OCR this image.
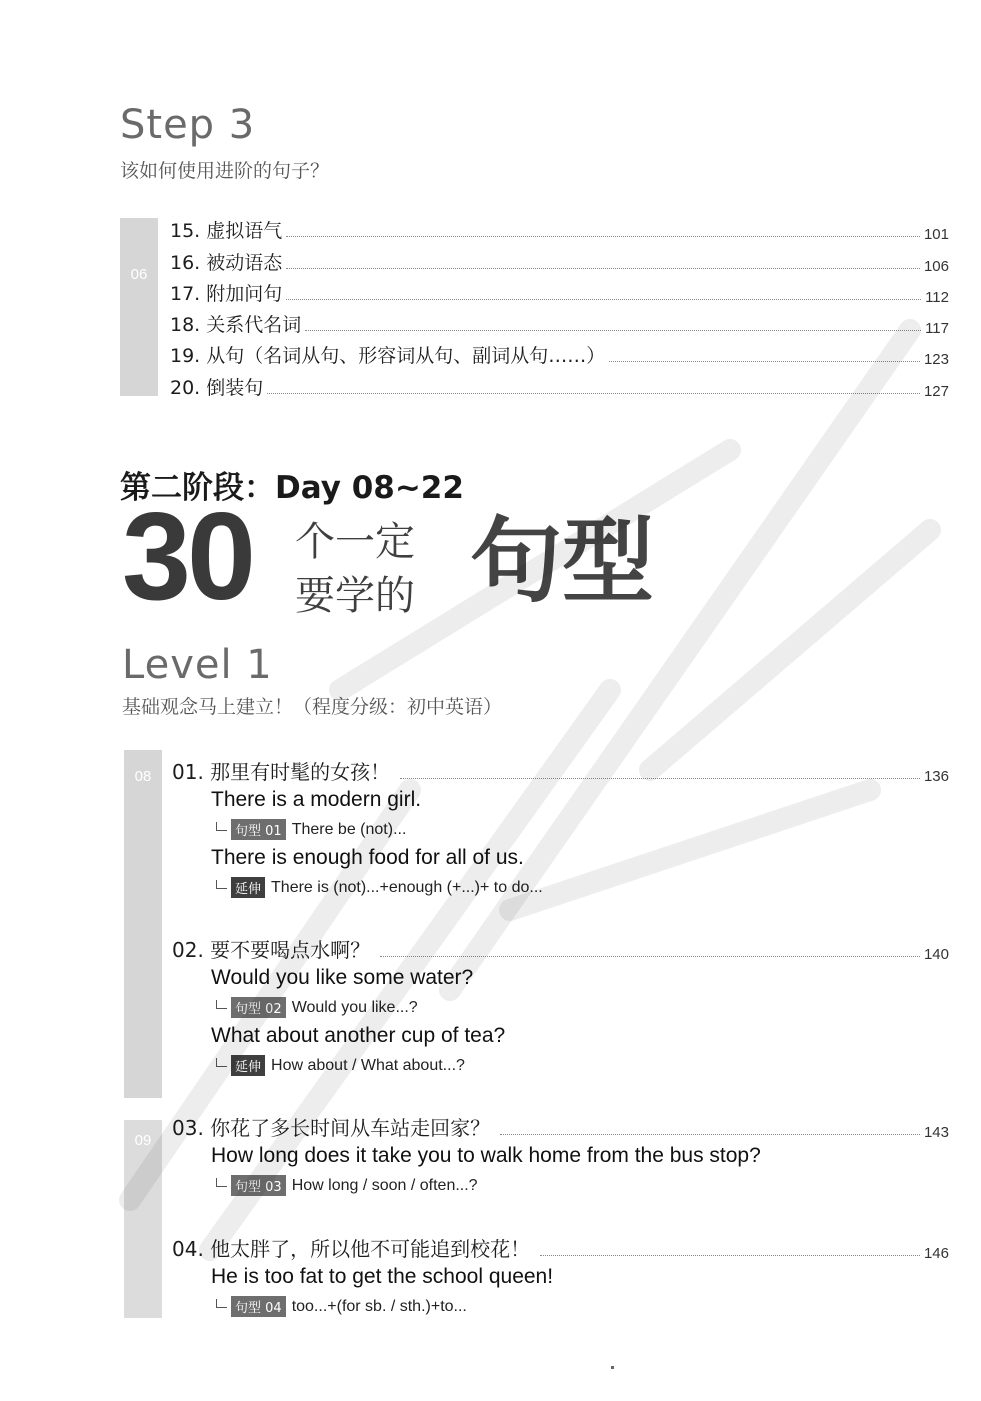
Step 3
该如何使用进阶的句子？
06
15. 虚拟语气	101
16. 被动语态	106
17. 附加问句	112
18. 关系代名词	117
19. 从句（名词从句、形容词从句、副词从句……）	123
20. 倒装句	127
第二阶段：Day 08~22
30 个一定
要学的 句型
Level 1
基础观念马上建立！（程度分级：初中英语）
08
09
01. 那里有时髦的女孩！	136
There is a modern girl.
句型 01 There be (not)...
There is enough food for all of us.
延伸 There is (not)...+enough (+...)+ to do...
02. 要不要喝点水啊？	140
Would you like some water?
句型 02 Would you like...?
What about another cup of tea?
延伸 How about / What about...?
03. 你花了多长时间从车站走回家？	143
How long does it take you to walk home from the bus stop?
句型 03 How long / soon / often...?
04. 他太胖了，所以他不可能追到校花！	146
He is too fat to get the school queen!
句型 04 too...+(for sb. / sth.)+to...
